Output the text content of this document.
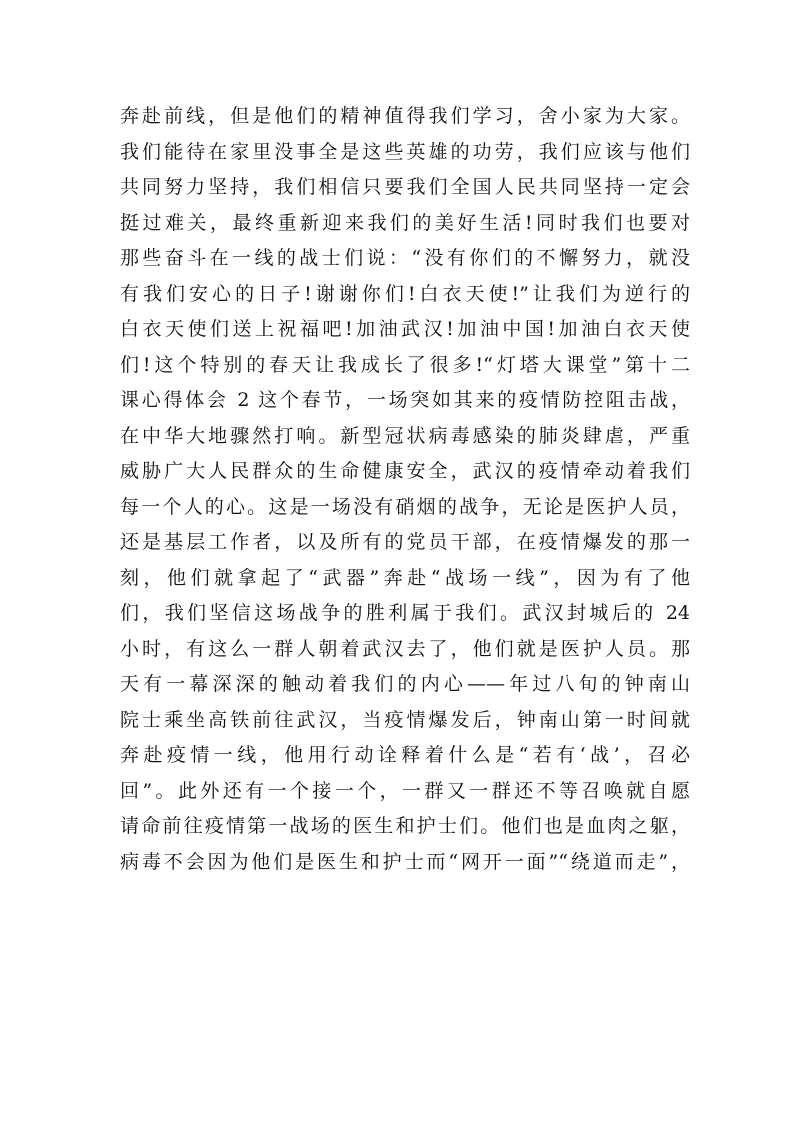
奔赴前线，但是他们的精神值得我们学习，舍小家为大家。
我们能待在家里没事全是这些英雄的功劳，我们应该与他们
共同努力坚持，我们相信只要我们全国人民共同坚持一定会
挺过难关，最终重新迎来我们的美好生活!同时我们也要对
那些奋斗在一线的战士们说：“没有你们的不懈努力，就没
有我们安心的日子!谢谢你们!白衣天使!”让我们为逆行的
白衣天使们送上祝福吧!加油武汉!加油中国!加油白衣天使
们!这个特别的春天让我成长了很多!“灯塔大课堂”第十二
课心得体会 2 这个春节，一场突如其来的疫情防控阻击战，
在中华大地骤然打响。新型冠状病毒感染的肺炎肆虐，严重
威胁广大人民群众的生命健康安全，武汉的疫情牵动着我们
每一个人的心。这是一场没有硝烟的战争，无论是医护人员，
还是基层工作者，以及所有的党员干部，在疫情爆发的那一
刻，他们就拿起了“武器”奔赴“战场一线”，因为有了他
们，我们坚信这场战争的胜利属于我们。武汉封城后的 24
小时，有这么一群人朝着武汉去了，他们就是医护人员。那
天有一幕深深的触动着我们的内心——年过八旬的钟南山
院士乘坐高铁前往武汉，当疫情爆发后，钟南山第一时间就
奔赴疫情一线，他用行动诠释着什么是“若有‘战’，召必
回”。此外还有一个接一个，一群又一群还不等召唤就自愿
请命前往疫情第一战场的医生和护士们。他们也是血肉之躯，
病毒不会因为他们是医生和护士而“网开一面”“绕道而走”，
